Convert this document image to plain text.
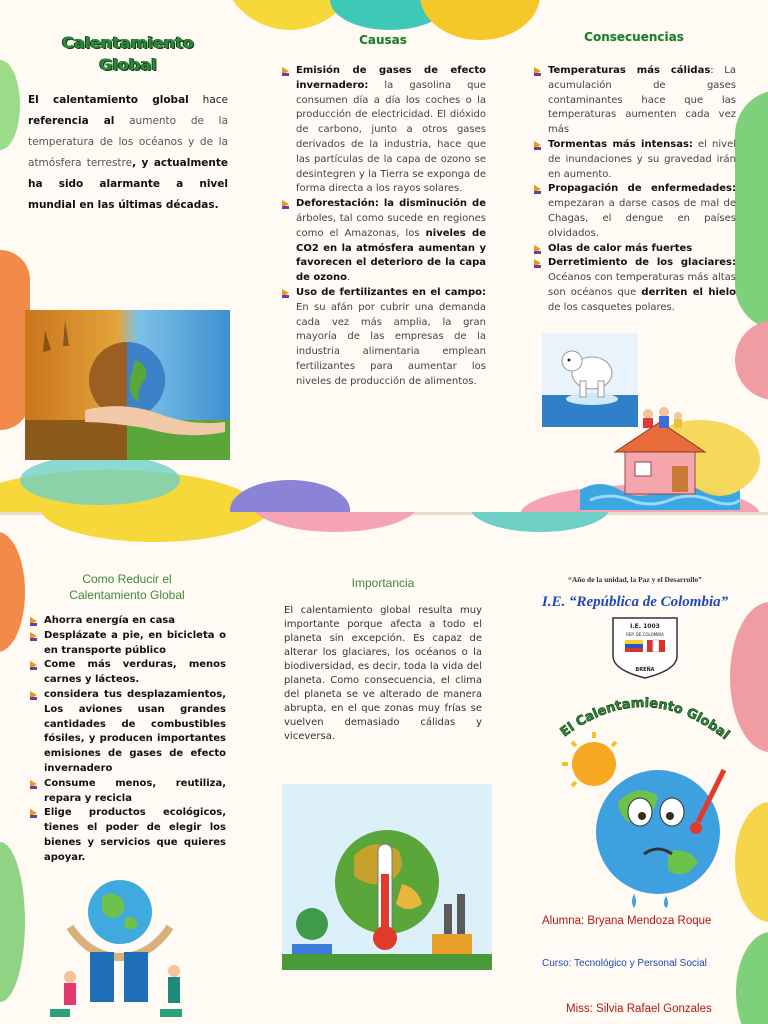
Calentamiento
Global

El calentamiento global hace referencia al aumento de la temperatura de los océanos y de la atmósfera terrestre, y actualmente ha sido alarmante a nivel mundial en las últimas décadas.

Causas
Emisión de gases de efecto invernadero: la gasolina que consumen día a día los coches o la producción de electricidad. El dióxido de carbono, junto a otros gases derivados de la industria, hace que las partículas de la capa de ozono se desintegren y la Tierra se exponga de forma directa a los rayos solares.
Deforestación: la disminución de árboles, tal como sucede en regiones como el Amazonas, los niveles de CO2 en la atmósfera aumentan y favorecen el deterioro de la capa de ozono.
Uso de fertilizantes en el campo: En su afán por cubrir una demanda cada vez más amplia, la gran mayoría de las empresas de la industria alimentaria emplean fertilizantes para aumentar los niveles de producción de alimentos.
Consecuencias
Temperaturas más cálidas: La acumulación de gases contaminantes hace que las temperaturas aumenten cada vez más
Tormentas más intensas: el nivel de inundaciones y su gravedad irán en aumento.
Propagación de enfermedades: empezaran a darse casos de mal de Chagas, el dengue en países olvidados.
Olas de calor más fuertes
Derretimiento de los glaciares: Océanos con temperaturas más altas son océanos que derriten el hielo de los casquetes polares.
Como Reducir el
Calentamiento Global
Ahorra energía en casa
Desplázate a pie, en bicicleta o en transporte público
Come más verduras, menos carnes y lácteos.
considera tus desplazamientos, Los aviones usan grandes cantidades de combustibles fósiles, y producen importantes emisiones de gases de efecto invernadero
Consume menos, reutiliza, repara y recicla
Elige productos ecológicos, tienes el poder de elegir los bienes y servicios que quieres apoyar.
Importancia

El calentamiento global resulta muy importante porque afecta a todo el planeta sin excepción. Es capaz de alterar los glaciares, los océanos o la biodiversidad, es decir, toda la vida del planeta. Como consecuencia, el clima del planeta se ve alterado de manera abrupta, en el que zonas muy frías se vuelven demasiado cálidas y viceversa.

“Año de la unidad, la Paz y el Desarrollo”
I.E. “República de Colombia”
I.E. 1003
REP. DE COLOMBIA
BREÑA
El Calentamiento Global
Alumna: Bryana Mendoza Roque
Curso: Tecnológico y Personal Social
Miss: Silvia Rafael Gonzales
